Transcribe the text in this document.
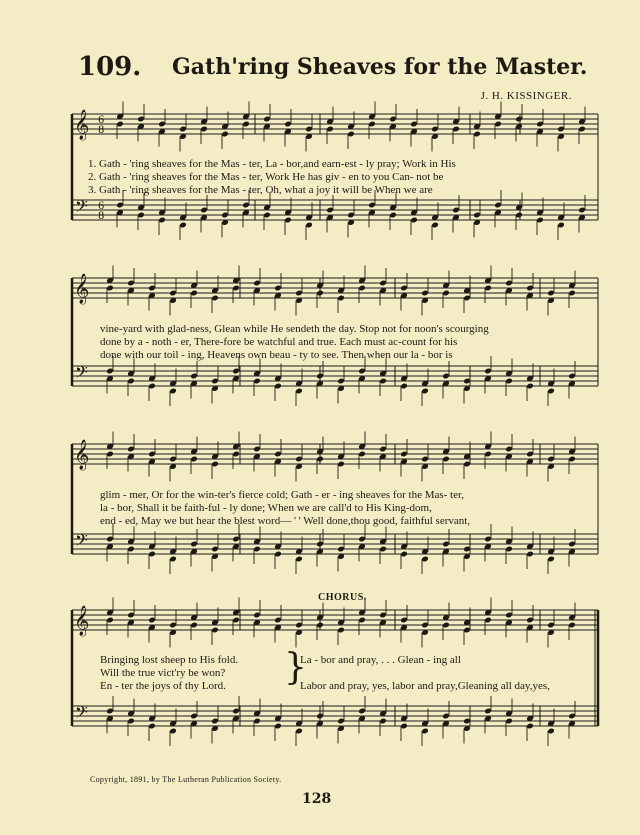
109. Gath'ring Sheaves for the Master.
J. H. KISSINGER.
𝄞
𝄢
6
8
6
8
𝄞
𝄢
𝄞
𝄢
𝄞
𝄢
1. Gath - 'ring sheaves for the Mas - ter, La - bor,and earn-est - ly pray; Work in His
2. Gath - 'ring sheaves for the Mas - ter, Work He has giv - en to you Can- not be
3. Gath - 'ring sheaves for the Mas - ter, Oh, what a joy it will be When we are
vine-yard with glad-ness, Glean while He sendeth the day. Stop not for noon's scourging
done by a - noth - er, There-fore be watchful and true. Each must ac-count for his
done with our toil - ing, Heavens own beau - ty to see. Then when our la - bor is
glim - mer, Or for the win-ter's fierce cold; Gath - er - ing sheaves for the Mas- ter,
la - bor, Shall it be faith-ful - ly done; When we are call'd to His King-dom,
end - ed, May we but hear the blest word— ' ' Well done,thou good, faithful servant,
CHORUS.
Bringing lost sheep to His fold.
Will the true vict'ry be won?
En - ter the joys of thy Lord.	}
La - bor and pray, . . . Glean - ing all

Labor and pray, yes, labor and pray,Gleaning all day,yes,
Copyright, 1891, by The Lutheran Publication Society.
128
